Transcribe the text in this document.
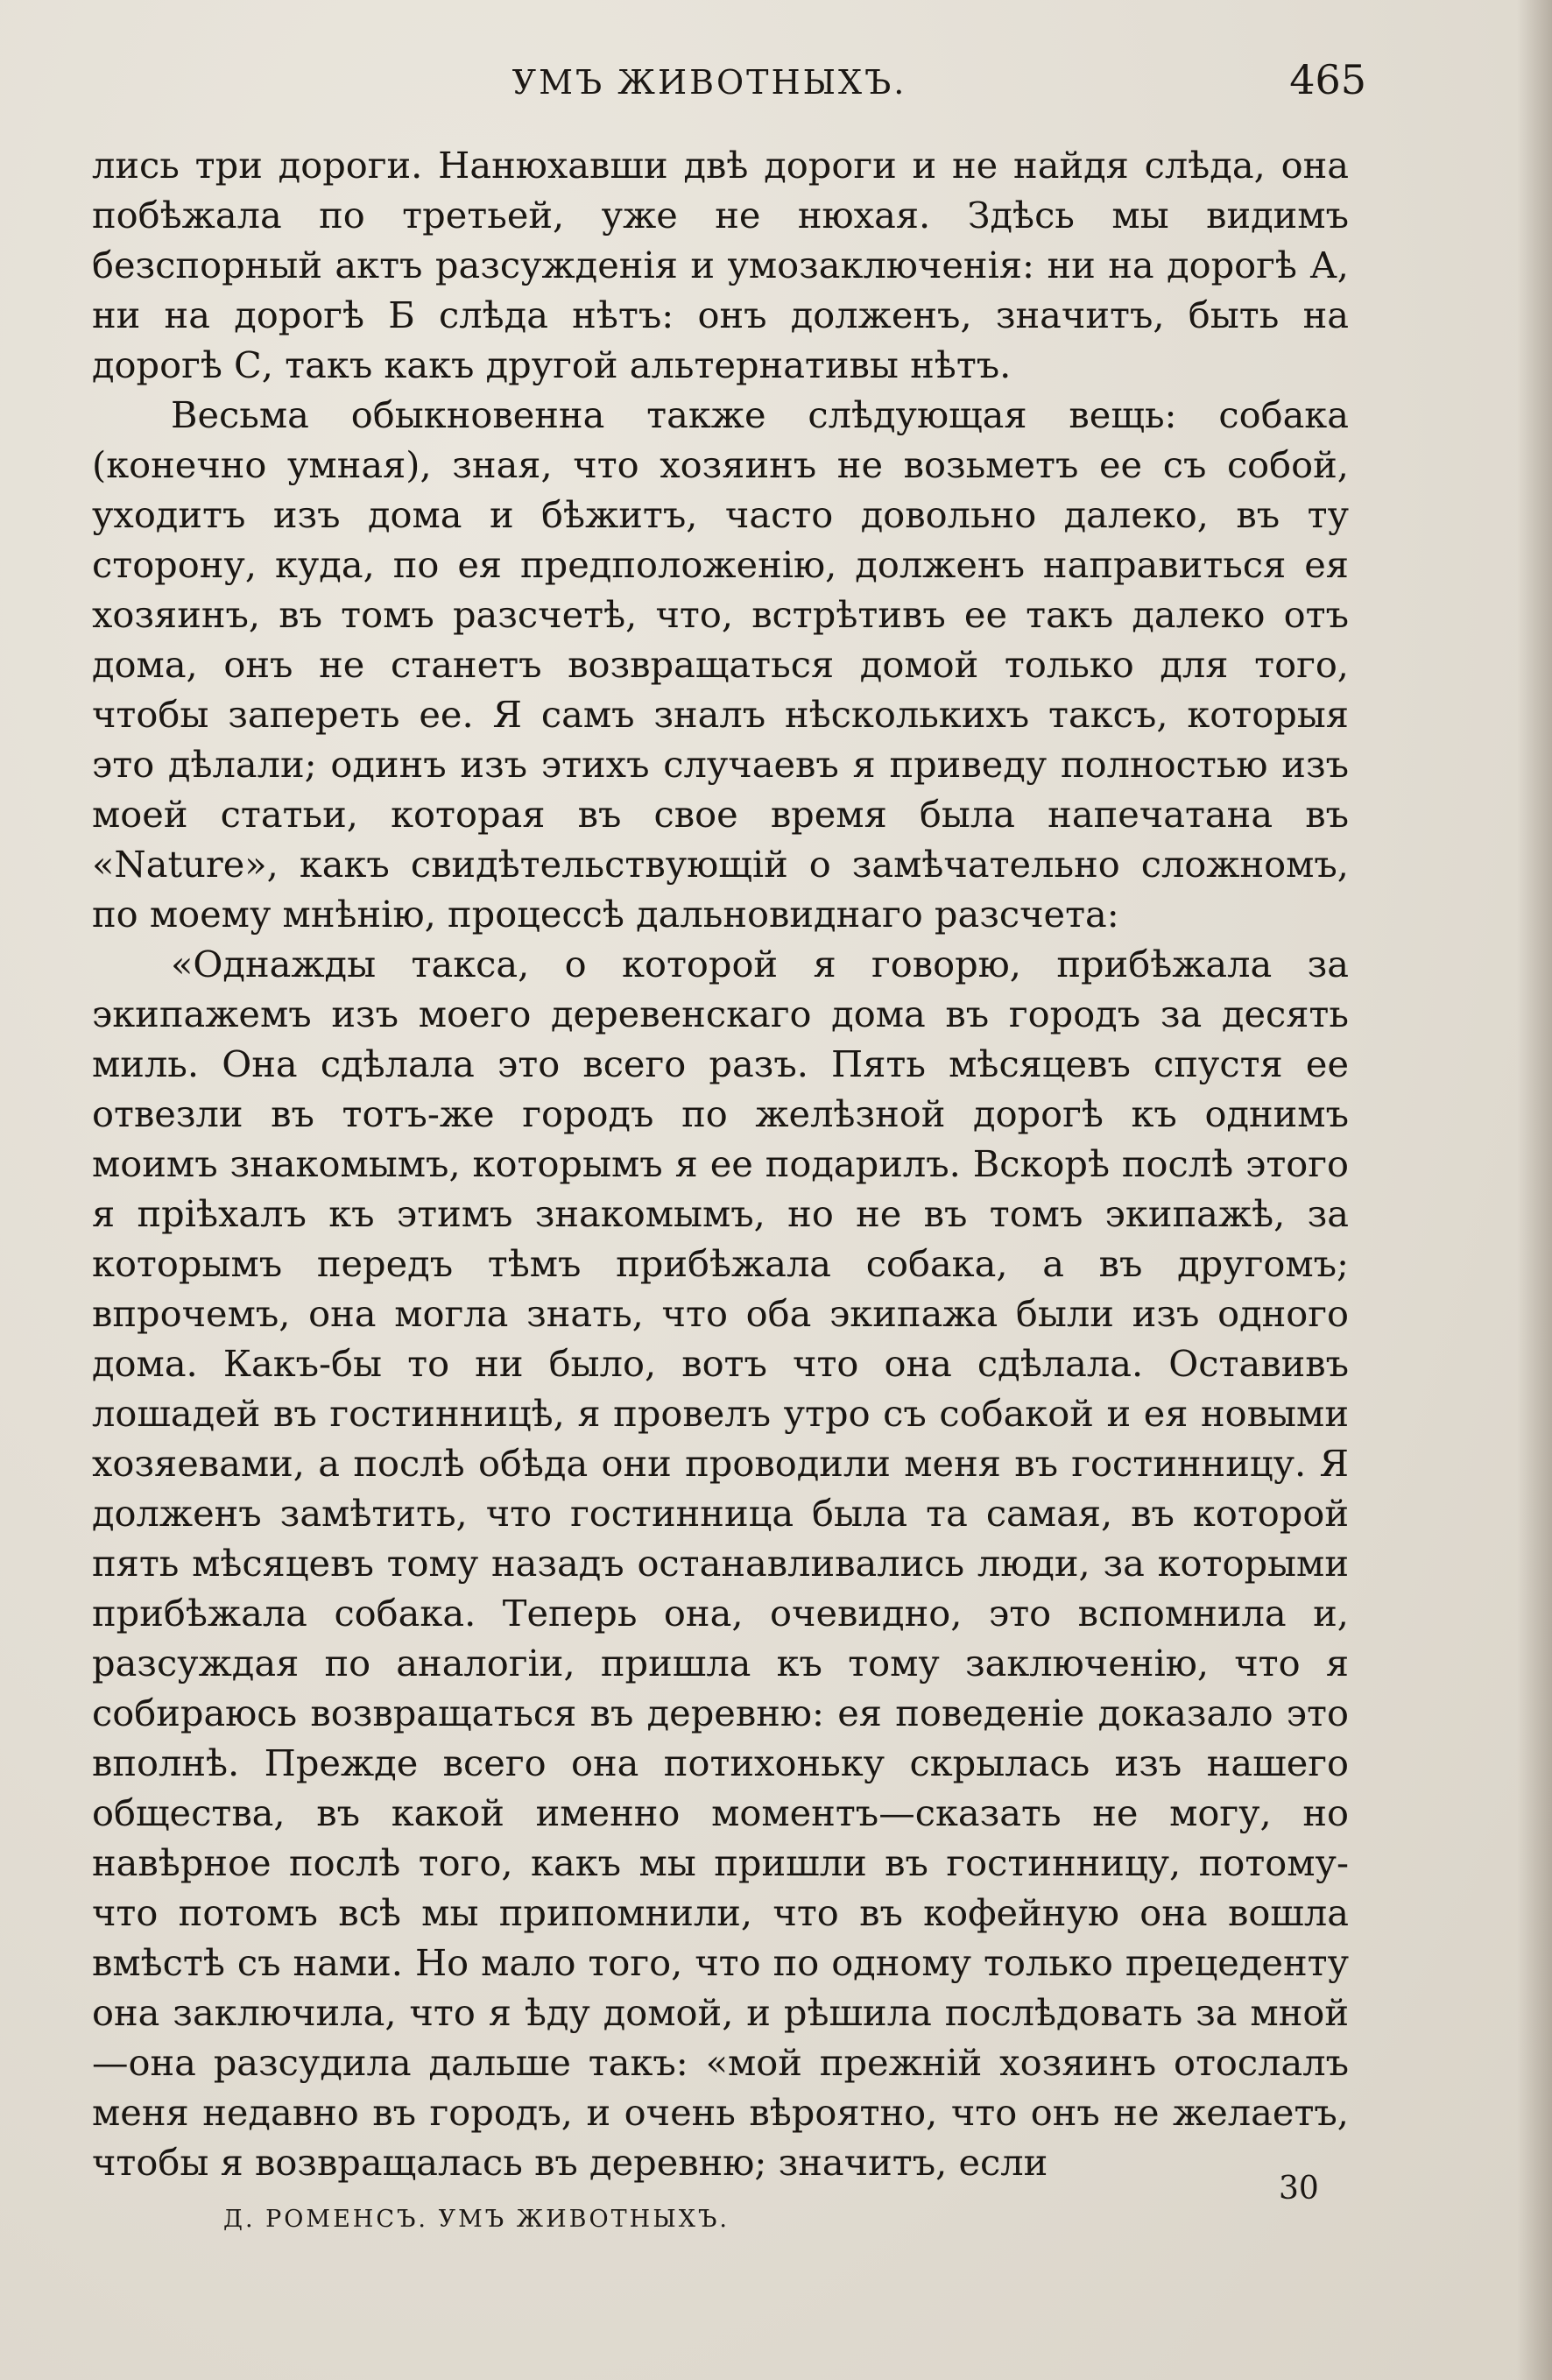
УМЪ ЖИВОТНЫХЪ.	465

лись три дороги. Нанюхавши двѣ дороги и не найдя слѣда, она побѣжала по третьей, уже не нюхая. Здѣсь мы видимъ безспорный актъ разсужденія и умозаключенія: ни на дорогѣ А, ни на дорогѣ Б слѣда нѣтъ: онъ долженъ, значитъ, быть на дорогѣ С, такъ какъ другой альтернативы нѣтъ.

Весьма обыкновенна также слѣдующая вещь: собака (конечно умная), зная, что хозяинъ не возьметъ ее съ собой, уходитъ изъ дома и бѣжитъ, часто довольно далеко, въ ту сторону, куда, по ея предположенію, долженъ направиться ея хозяинъ, въ томъ разсчетѣ, что, встрѣтивъ ее такъ далеко отъ дома, онъ не станетъ возвращаться домой только для того, чтобы запереть ее. Я самъ зналъ нѣсколькихъ таксъ, которыя это дѣлали; одинъ изъ этихъ случаевъ я приведу полностью изъ моей статьи, которая въ свое время была напечатана въ «Nature», какъ свидѣтельствующій о замѣчательно сложномъ, по моему мнѣнію, процессѣ дальновиднаго разсчета:

«Однажды такса, о которой я говорю, прибѣжала за экипажемъ изъ моего деревенскаго дома въ городъ за десять миль. Она сдѣлала это всего разъ. Пять мѣсяцевъ спустя ее отвезли въ тотъ-же городъ по желѣзной дорогѣ къ однимъ моимъ знакомымъ, которымъ я ее подарилъ. Вскорѣ послѣ этого я пріѣхалъ къ этимъ знакомымъ, но не въ томъ экипажѣ, за которымъ передъ тѣмъ прибѣжала собака, а въ другомъ; впрочемъ, она могла знать, что оба экипажа были изъ одного дома. Какъ-бы то ни было, вотъ что она сдѣлала. Оставивъ лошадей въ гостинницѣ, я провелъ утро съ собакой и ея новыми хозяевами, а послѣ обѣда они проводили меня въ гостинницу. Я долженъ замѣтить, что гостинница была та самая, въ которой пять мѣсяцевъ тому назадъ останавливались люди, за которыми прибѣжала собака. Теперь она, очевидно, это вспомнила и, разсуждая по аналогіи, пришла къ тому заключенію, что я собираюсь возвращаться въ деревню: ея поведеніе доказало это вполнѣ. Прежде всего она потихоньку скрылась изъ нашего общества, въ какой именно моментъ—сказать не могу, но навѣрное послѣ того, какъ мы пришли въ гостинницу, потому-что потомъ всѣ мы припомнили, что въ кофейную она вошла вмѣстѣ съ нами. Но мало того, что по одному только прецеденту она заключила, что я ѣду домой, и рѣшила послѣдовать за мной—она разсудила дальше такъ: «мой прежній хозяинъ отослалъ меня недавно въ городъ, и очень вѣроятно, что онъ не желаетъ, чтобы я возвращалась въ деревню; значитъ, если

30
Д. РОМЕНСЪ. УМЪ ЖИВОТНЫХЪ.
